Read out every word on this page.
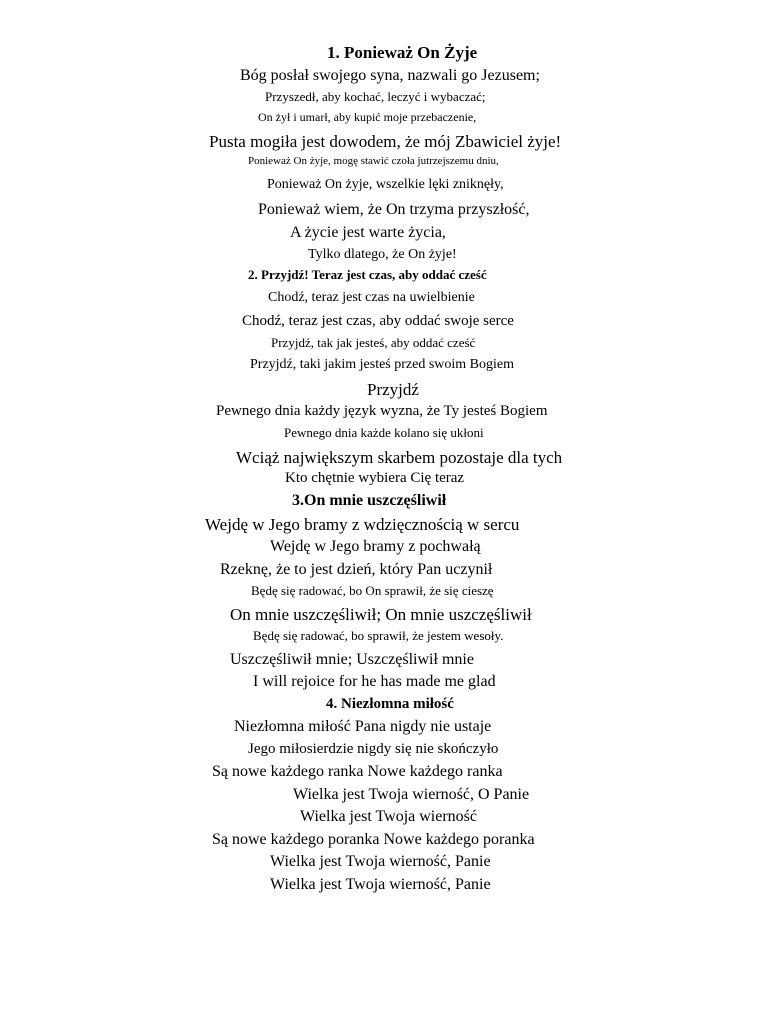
1. Ponieważ On Żyje
Bóg posłał swojego syna, nazwali go Jezusem;
Przyszedł, aby kochać, leczyć i wybaczać;
On żył i umarł, aby kupić moje przebaczenie,
Pusta mogiła jest dowodem, że mój Zbawiciel żyje!
Ponieważ On żyje, mogę stawić czoła jutrzejszemu dniu,
Ponieważ On żyje, wszelkie lęki zniknęły,
Ponieważ wiem, że On trzyma przyszłość,
A życie jest warte życia,
Tylko dlatego, że On żyje!
2. Przyjdź! Teraz jest czas, aby oddać cześć
Chodź, teraz jest czas na uwielbienie
Chodź, teraz jest czas, aby oddać swoje serce
Przyjdź, tak jak jesteś, aby oddać cześć
Przyjdź, taki jakim jesteś przed swoim Bogiem
Przyjdź
Pewnego dnia każdy język wyzna, że Ty jesteś Bogiem
Pewnego dnia każde kolano się ukłoni
Wciąż największym skarbem pozostaje dla tych
Kto chętnie wybiera Cię teraz
3.On mnie uszczęśliwił
Wejdę w Jego bramy z wdzięcznością w sercu
Wejdę w Jego bramy z pochwałą
Rzeknę, że to jest dzień, który Pan uczynił
Będę się radować, bo On sprawił, że się cieszę
On mnie uszczęśliwił; On mnie uszczęśliwił
Będę się radować, bo sprawił, że jestem wesoły.
Uszczęśliwił mnie; Uszczęśliwił mnie
I will rejoice for he has made me glad
4. Niezłomna miłość
Niezłomna miłość Pana nigdy nie ustaje
Jego miłosierdzie nigdy się nie skończyło
Są nowe każdego ranka Nowe każdego ranka
Wielka jest Twoja wierność, O Panie
Wielka jest Twoja wierność
Są nowe każdego poranka Nowe każdego poranka
Wielka jest Twoja wierność, Panie
Wielka jest Twoja wierność, Panie
